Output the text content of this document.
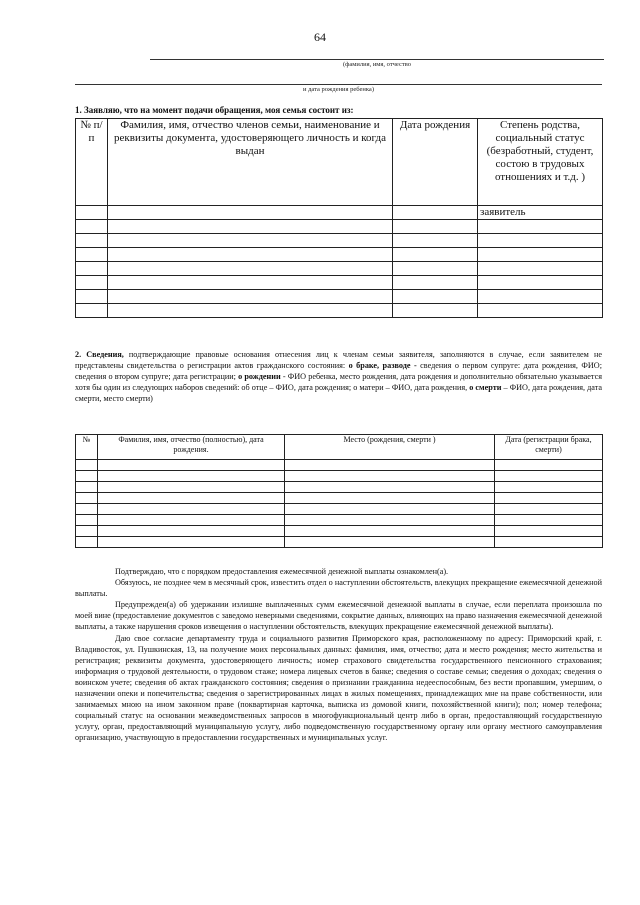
64
(фамилия, имя, отчество
и дата рождения ребенка)
1. Заявляю, что на момент подачи обращения, моя семья состоит из:
№ п/п	Фамилия, имя, отчество членов семьи, наименование и реквизиты документа, удостоверяющего личность и когда выдан	Дата рождения	Степень родства, социальный статус (безработный, студент, состою в трудовых отношениях и т.д. )
			заявитель

2. Сведения, подтверждающие правовые основания отнесения лиц к членам семьи заявителя, заполняются в случае, если заявителем не представлены свидетельства о регистрации актов гражданского состояния: о браке, разводе - сведения о первом супруге: дата рождения, ФИО; сведения о втором супруге; дата регистрации; о рождении - ФИО ребенка, место рождения, дата рождения и дополнительно обязательно указывается хотя бы один из следующих наборов сведений: об отце – ФИО, дата рождения; о матери – ФИО, дата рождения, о смерти – ФИО, дата рождения, дата смерти, место смерти)
№	Фамилия, имя, отчество (полностью), дата рождения.	Место (рождения, смерти )	Дата (регистрации брака, смерти)

Подтверждаю, что с порядком предоставления ежемесячной денежной выплаты ознакомлен(а).
Обязуюсь, не позднее чем в месячный срок, известить отдел о наступлении обстоятельств, влекущих прекращение ежемесячной денежной выплаты.
Предупрежден(а) об удержании излишне выплаченных сумм ежемесячной денежной выплаты в случае, если переплата произошла по моей вине (предоставление документов с заведомо неверными сведениями, сокрытие данных, влияющих на право назначения ежемесячной денежной выплаты, а также нарушения сроков извещения о наступлении обстоятельств, влекущих прекращение ежемесячной денежной выплаты).
Даю свое согласие департаменту труда и социального развития Приморского края, расположенному по адресу: Приморский край, г. Владивосток, ул. Пушкинская, 13, на получение моих персональных данных: фамилия, имя, отчество; дата и место рождения; место жительства и регистрация; реквизиты документа, удостоверяющего личность; номер страхового свидетельства государственного пенсионного страхования; информация о трудовой деятельности, о трудовом стаже; номера лицевых счетов в банке; сведения о составе семьи; сведения о доходах; сведения о воинском учете; сведения об актах гражданского состояния; сведения о признании гражданина недееспособным, без вести пропавшим, умершим, о назначении опеки и попечительства; сведения о зарегистрированных лицах в жилых помещениях, принадлежащих мне на праве собственности, или занимаемых мною на ином законном праве (поквартирная карточка, выписка из домовой книги, похозяйственной книги); пол; номер телефона; социальный статус на основании межведомственных запросов в многофункциональный центр либо в орган, предоставляющий государственную услугу, орган, предоставляющий муниципальную услугу, либо подведомственную государственному органу или органу местного самоуправления организацию, участвующую в предоставлении государственных и муниципальных услуг.
